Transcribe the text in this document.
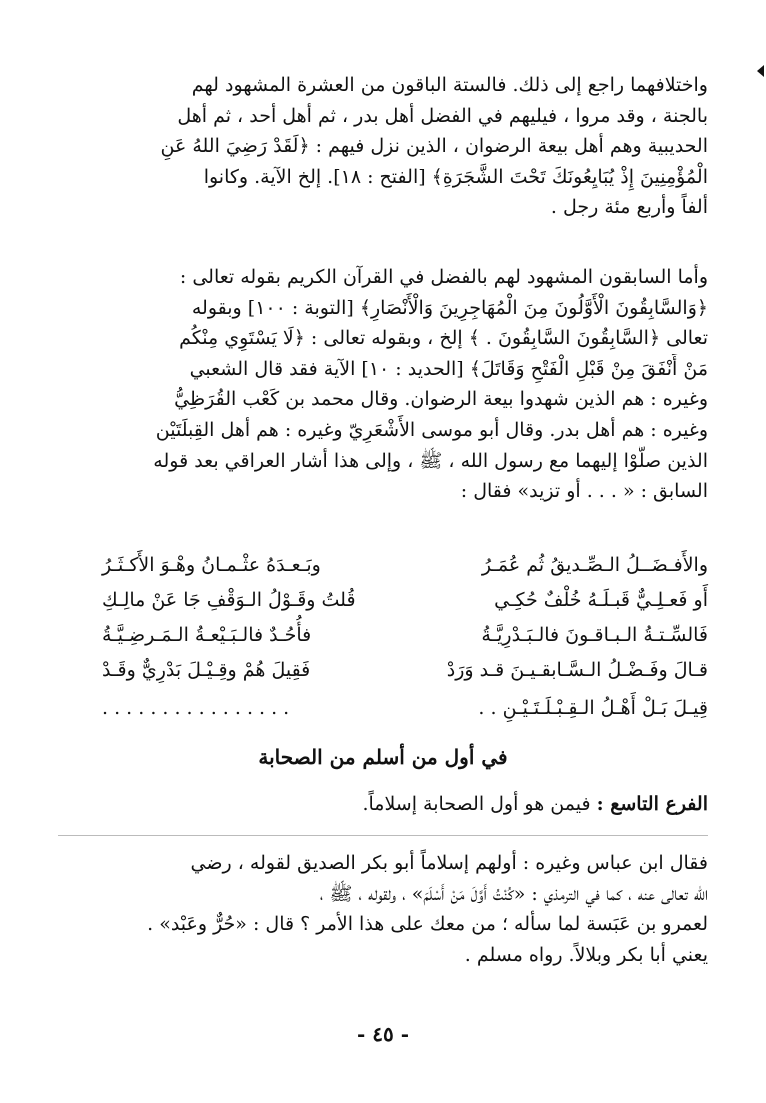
واختلافهما راجع إلى ذلك. فالستة الباقون من العشرة المشهود لهم
بالجنة ، وقد مروا ، فيليهم في الفضل أهل بدر ، ثم أهل أحد ، ثم أهل
الحديبية وهم أهل بيعة الرضوان ، الذين نزل فيهم : ﴿لَقَدْ رَضِيَ اللهُ عَنِ
الْمُؤْمِنِينَ إِذْ يُبَايِعُونَكَ تَحْتَ الشَّجَرَةِ﴾ [الفتح : ١٨]. إلخ الآية. وكانوا
ألفاً وأربع مئة رجل .
وأما السابقون المشهود لهم بالفضل في القرآن الكريم بقوله تعالى :
﴿وَالسَّابِقُونَ الْأَوَّلُونَ مِنَ الْمُهَاجِرِينَ وَالْأَنْصَارِ﴾ [التوبة : ١٠٠] وبقوله
تعالى ﴿السَّابِقُونَ السَّابِقُونَ . ﴾ إلخ ، وبقوله تعالى : ﴿لَا يَسْتَوِي مِنْكُم
مَنْ أَنْفَقَ مِنْ قَبْلِ الْفَتْحِ وَقَاتَلَ﴾ [الحديد : ١٠] الآية فقد قال الشعبي
وغيره : هم الذين شهدوا بيعة الرضوان. وقال محمد بن كَعْب القُرَظِيُّ
وغيره : هم أهل بدر. وقال أبو موسى الأَشْعَرِيّ وغيره : هم أهل القِبلَتَيْن
الذين صلَّوْا إليهما مع رسول الله ، ﷺ ، وإلى هذا أشار العراقي بعد قوله
السابق : « . . . أو تزيد» فقال :
والأَفـضَــلُ الـصِّـديقُ ثُم عُمَـرُ
وبَـعـدَهُ عثْـمـانُ وهْـوَ الأَكـثَـرُ
أَو فَعـلِـيٌّ قَبـلَـهُ خُلْفٌ حُكِـي
قُلتُ وقَـوْلُ الـوَقْفِ جَا عَنْ مالِـكِ
فَالسِّـتـةُ الـبـاقـونَ فالـبَـدْرِيَّـةُ
فأُحُـدٌ فالـبَـيْعـةُ الـمَـرضِـيَّـةُ
قـالَ وفَـضْـلُ الـسَّـابقـيـنَ قـد وَرَدْ
فَقِيلَ هُمْ وقِـيْـلَ بَدْرِيٌّ وقَـدْ
قِيـلَ بَـلْ أَهْـلُ الـقِـبْـلَـتَـيْـنِ . .
. . . . . . . . . . . . . . . .
في أول من أسلم من الصحابة
الفرع التاسع : فيمن هو أول الصحابة إسلاماً.
فقال ابن عباس وغيره : أولهم إسلاماً أبو بكر الصديق لقوله ، رضي
الله تعالى عنه ، كما في الترمذي : «كُنْتُ أَوَّلَ مَنْ أَسْلَمَ» ، ولقوله ، ﷺ ،
لعمرو بن عَبَسة لما سأله ؛ من معك على هذا الأمر ؟ قال : «حُرٌّ وعَبْد» .
يعني أبا بكر وبلالاً. رواه مسلم .
- ٤٥ -
